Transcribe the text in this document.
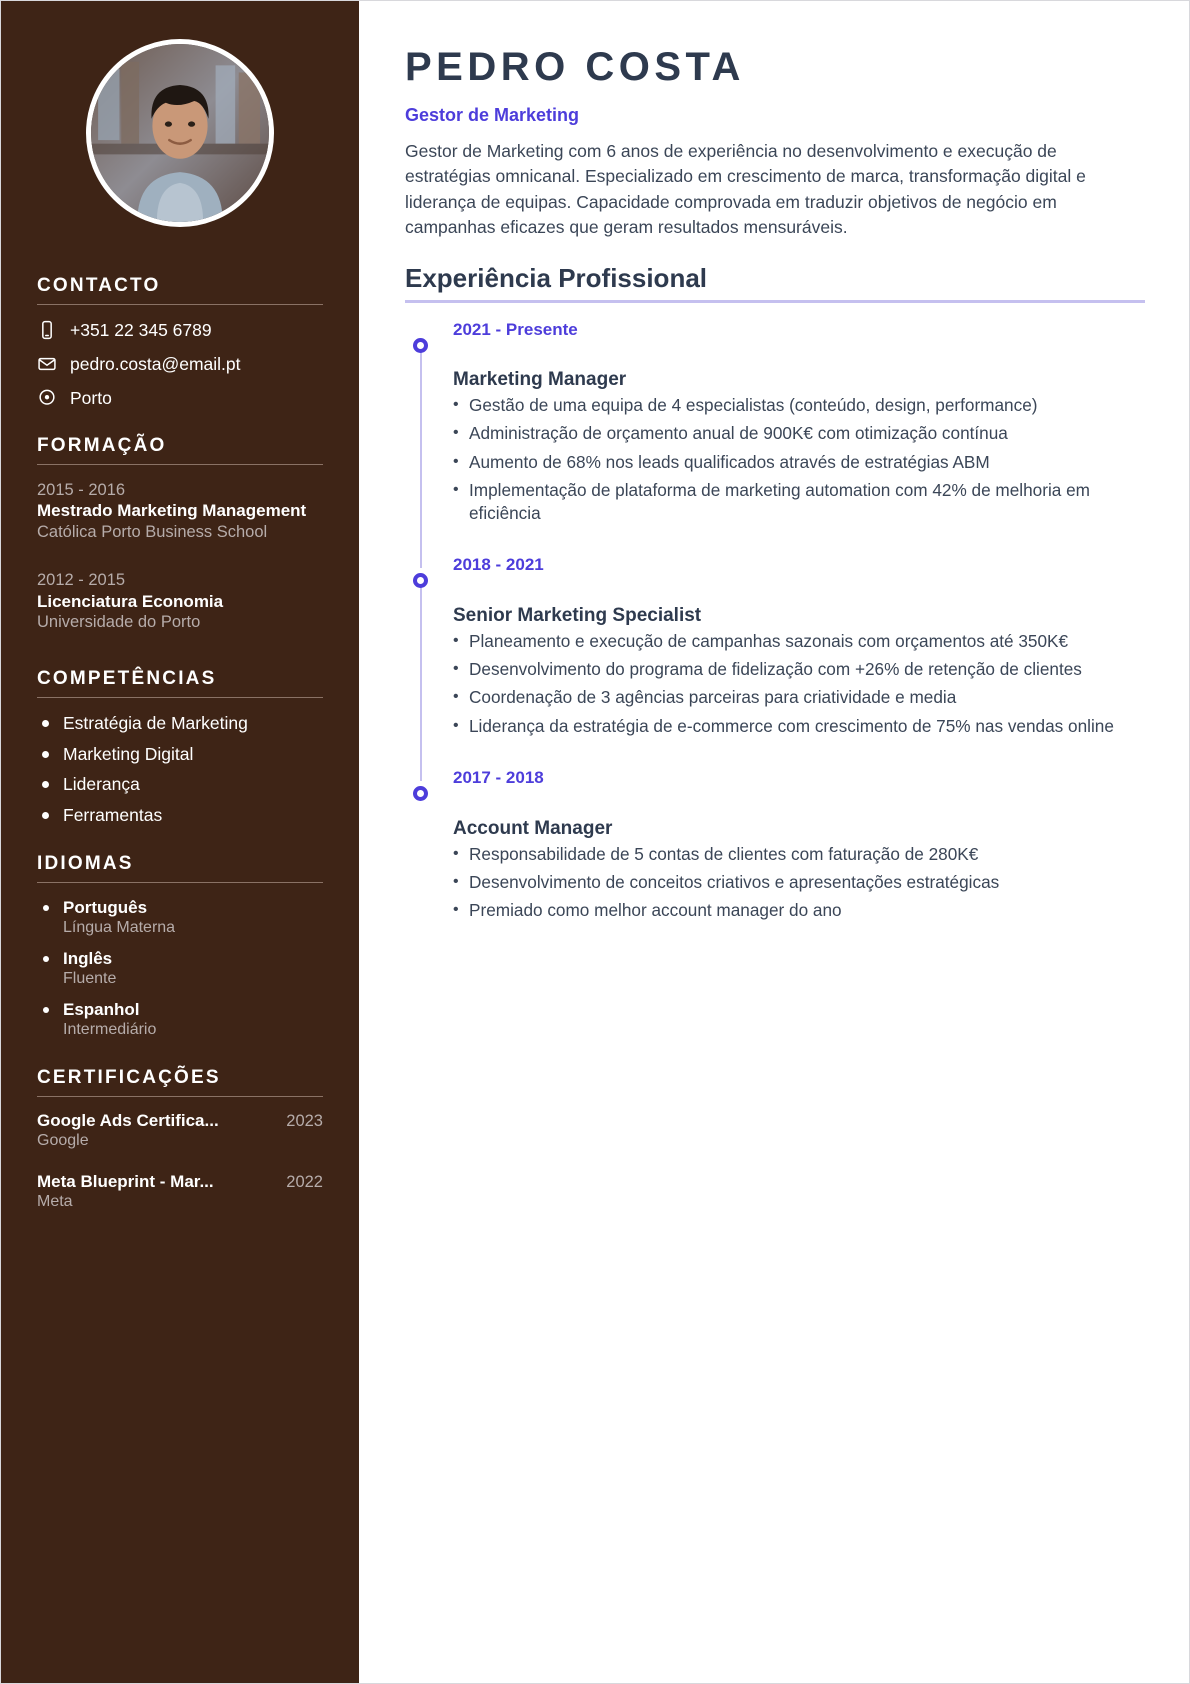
CONTACTO
+351 22 345 6789
pedro.costa@email.pt
Porto
FORMAÇÃO
2015 - 2016
Mestrado Marketing Management
Católica Porto Business School
2012 - 2015
Licenciatura Economia
Universidade do Porto
COMPETÊNCIAS
Estratégia de Marketing
Marketing Digital
Liderança
Ferramentas
IDIOMAS
Português
Língua Materna
Inglês
Fluente
Espanhol
Intermediário
CERTIFICAÇÕES
Google Ads Certifica...	2023
Google
Meta Blueprint - Mar...	2022
Meta
PEDRO COSTA
Gestor de Marketing

Gestor de Marketing com 6 anos de experiência no desenvolvimento e execução de estratégias omnicanal. Especializado em crescimento de marca, transformação digital e liderança de equipas. Capacidade comprovada em traduzir objetivos de negócio em campanhas eficazes que geram resultados mensuráveis.

Experiência Profissional
2021 - Presente
Marketing Manager
• Gestão de uma equipa de 4 especialistas (conteúdo, design, performance)
• Administração de orçamento anual de 900K€ com otimização contínua
• Aumento de 68% nos leads qualificados através de estratégias ABM
• Implementação de plataforma de marketing automation com 42% de melhoria em eficiência
2018 - 2021
Senior Marketing Specialist
• Planeamento e execução de campanhas sazonais com orçamentos até 350K€
• Desenvolvimento do programa de fidelização com +26% de retenção de clientes
• Coordenação de 3 agências parceiras para criatividade e media
• Liderança da estratégia de e-commerce com crescimento de 75% nas vendas online
2017 - 2018
Account Manager
• Responsabilidade de 5 contas de clientes com faturação de 280K€
• Desenvolvimento de conceitos criativos e apresentações estratégicas
• Premiado como melhor account manager do ano
